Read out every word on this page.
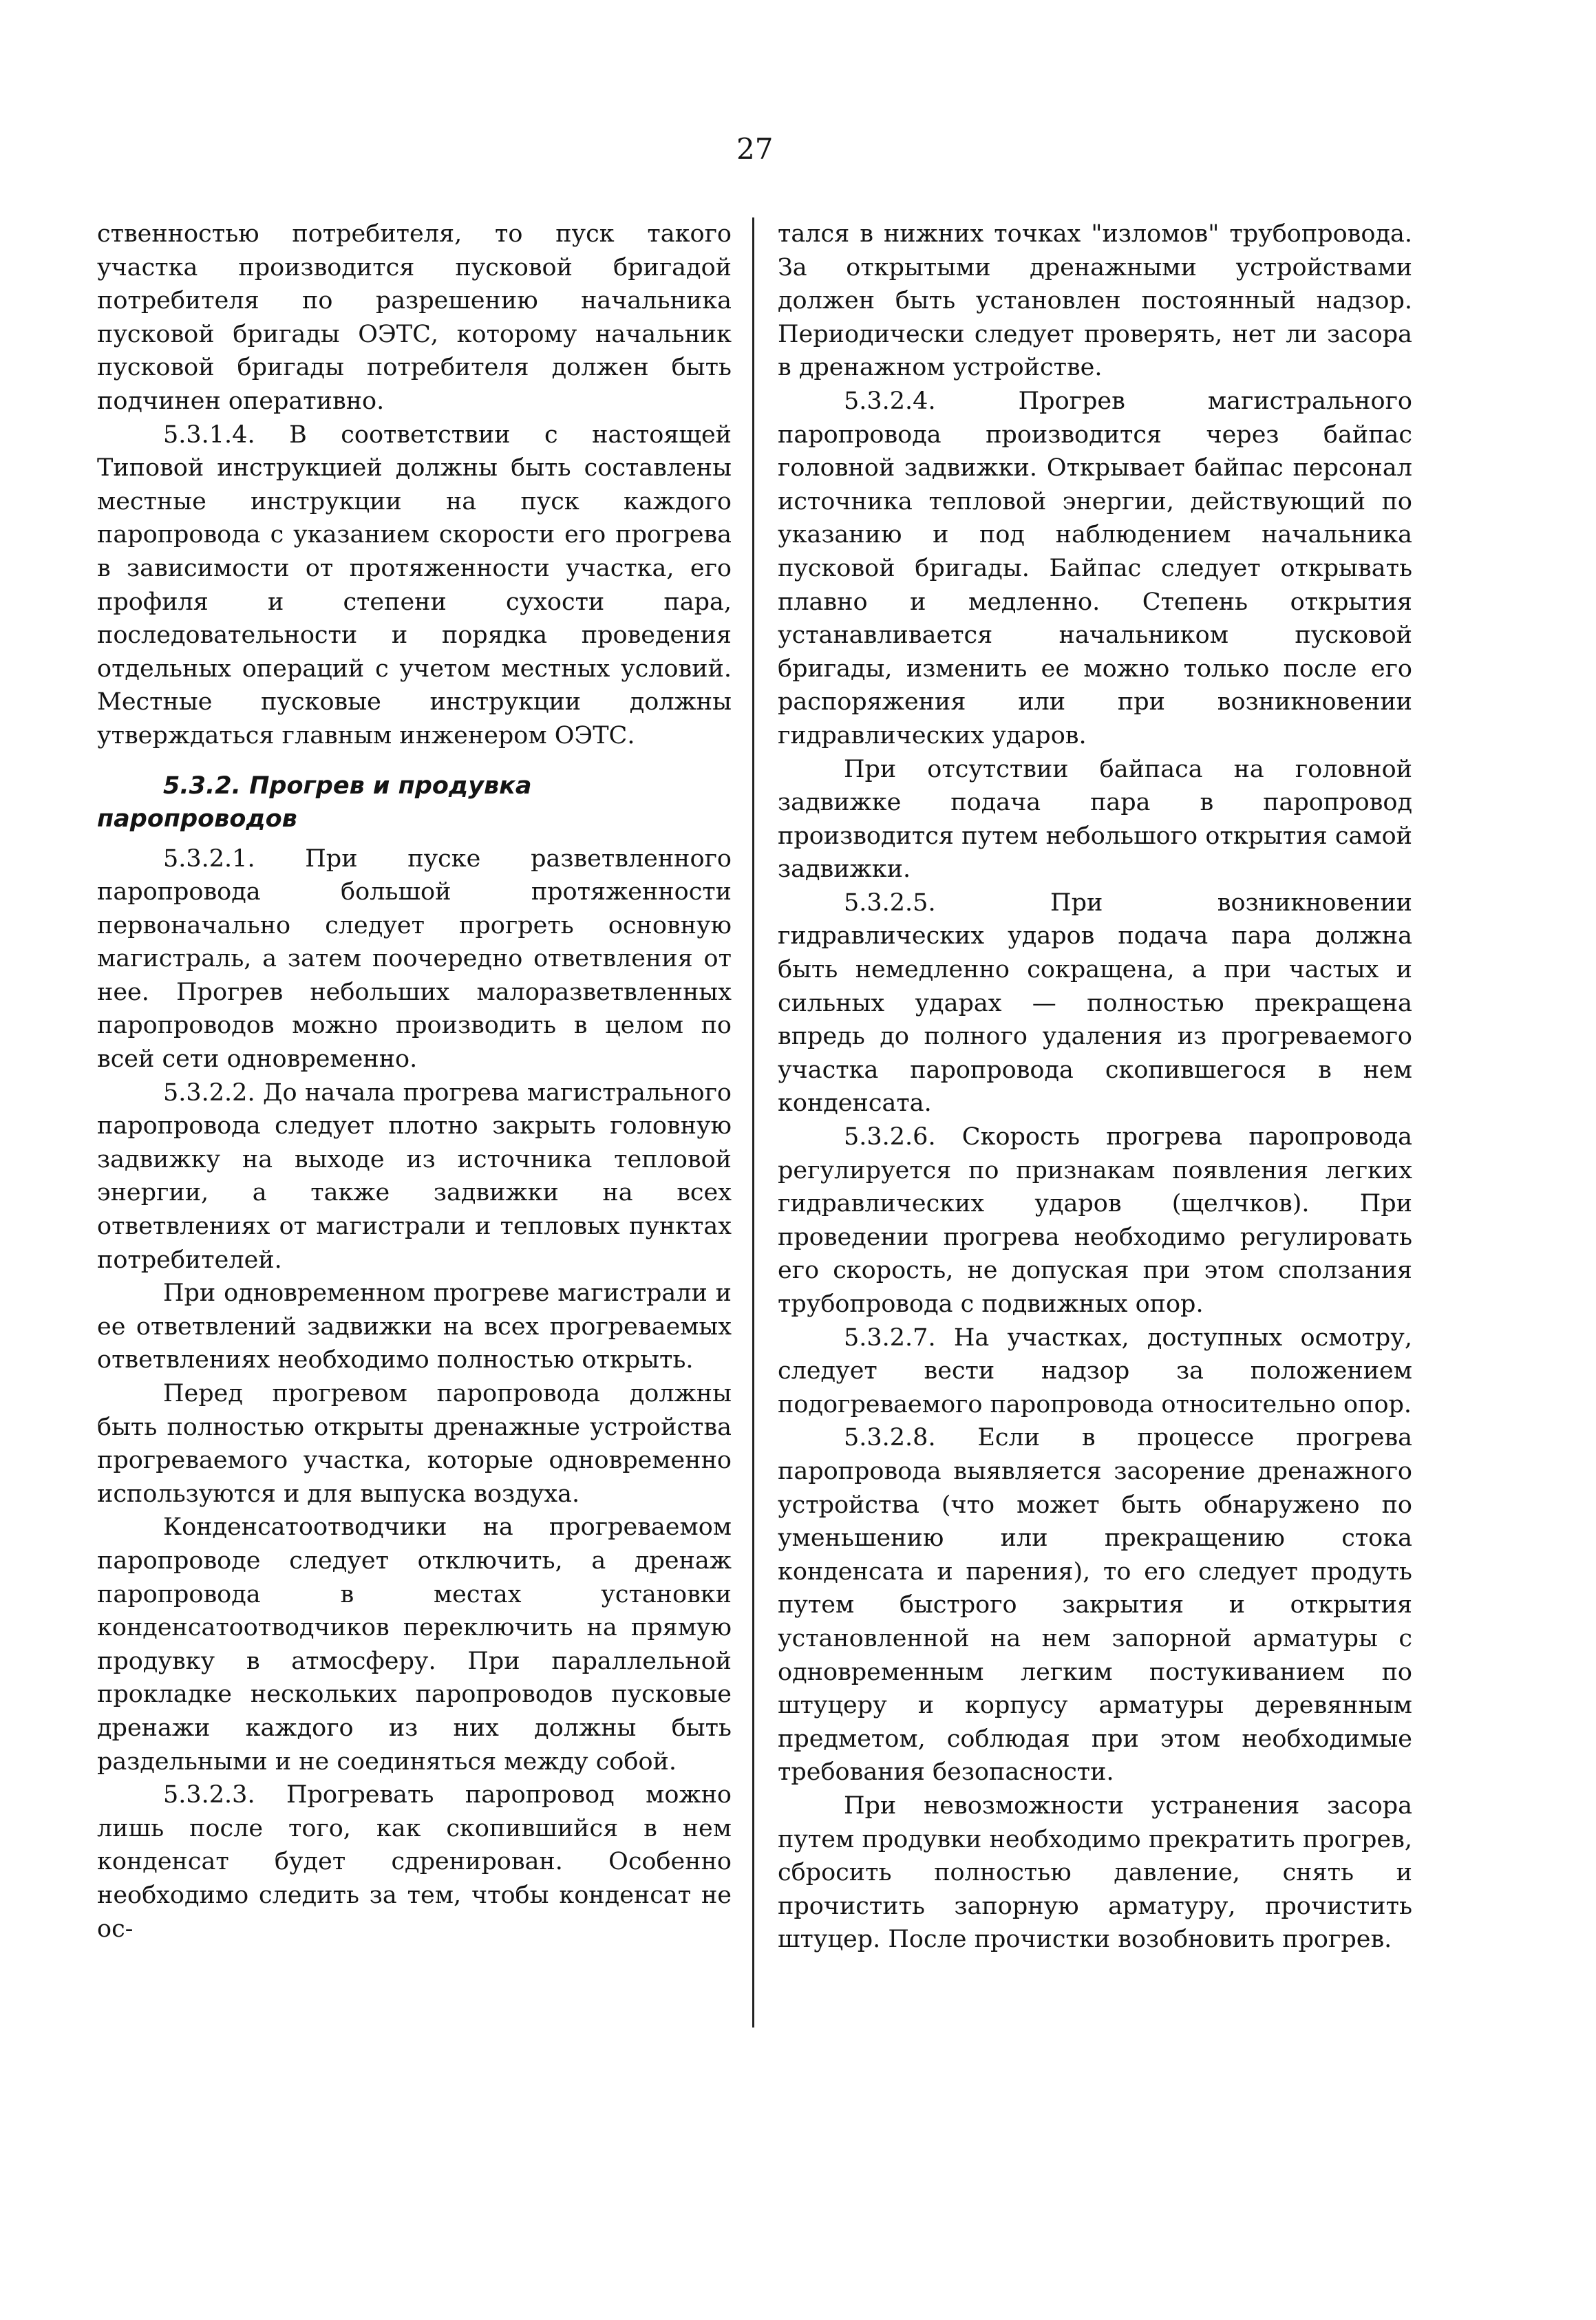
27

ственностью потребителя, то пуск такого участка производится пусковой бригадой потребителя по разрешению начальника пусковой бригады ОЭТС, которому начальник пусковой бригады потребителя должен быть подчинен оперативно.

5.3.1.4. В соответствии с настоящей Типовой инструкцией должны быть составлены местные инструкции на пуск каждого паропровода с указанием скорости его прогрева в зависимости от протяженности участка, его профиля и степени сухости пара, последовательности и порядка проведения отдельных операций с учетом местных условий. Местные пусковые инструкции должны утверждаться главным инженером ОЭТС.

5.3.2. Прогрев и продувка паропроводов

5.3.2.1. При пуске разветвленного паропровода большой протяженности первоначально следует прогреть основную магистраль, а затем поочередно ответвления от нее. Прогрев небольших малоразветвленных паропроводов можно производить в целом по всей сети одновременно.

5.3.2.2. До начала прогрева магистрального паропровода следует плотно закрыть головную задвижку на выходе из источника тепловой энергии, а также задвижки на всех ответвлениях от магистрали и тепловых пунктах потребителей.

При одновременном прогреве магистрали и ее ответвлений задвижки на всех прогреваемых ответвлениях необходимо полностью открыть.

Перед прогревом паропровода должны быть полностью открыты дренажные устройства прогреваемого участка, которые одновременно используются и для выпуска воздуха.

Конденсатоотводчики на прогреваемом паропроводе следует отключить, а дренаж паропровода в местах установки конденсатоотводчиков переключить на прямую продувку в атмосферу. При параллельной прокладке нескольких паропроводов пусковые дренажи каждого из них должны быть раздельными и не соединяться между собой.

5.3.2.3. Прогревать паропровод можно лишь после того, как скопившийся в нем конденсат будет сдренирован. Особенно необходимо следить за тем, чтобы конденсат не ос-

тался в нижних точках "изломов" трубопровода. За открытыми дренажными устройствами должен быть установлен постоянный надзор. Периодически следует проверять, нет ли засора в дренажном устройстве.

5.3.2.4. Прогрев магистрального паропровода производится через байпас головной задвижки. Открывает байпас персонал источника тепловой энергии, действующий по указанию и под наблюдением начальника пусковой бригады. Байпас следует открывать плавно и медленно. Степень открытия устанавливается начальником пусковой бригады, изменить ее можно только после его распоряжения или при возникновении гидравлических ударов.

При отсутствии байпаса на головной задвижке подача пара в паропровод производится путем небольшого открытия самой задвижки.

5.3.2.5. При возникновении гидравлических ударов подача пара должна быть немедленно сокращена, а при частых и сильных ударах — полностью прекращена впредь до полного удаления из прогреваемого участка паропровода скопившегося в нем конденсата.

5.3.2.6. Скорость прогрева паропровода регулируется по признакам появления легких гидравлических ударов (щелчков). При проведении прогрева необходимо регулировать его скорость, не допуская при этом сползания трубопровода с подвижных опор.

5.3.2.7. На участках, доступных осмотру, следует вести надзор за положением подогреваемого паропровода относительно опор.

5.3.2.8. Если в процессе прогрева паропровода выявляется засорение дренажного устройства (что может быть обнаружено по уменьшению или прекращению стока конденсата и парения), то его следует продуть путем быстрого закрытия и открытия установленной на нем запорной арматуры с одновременным легким постукиванием по штуцеру и корпусу арматуры деревянным предметом, соблюдая при этом необходимые требования безопасности.

При невозможности устранения засора путем продувки необходимо прекратить прогрев, сбросить полностью давление, снять и прочистить запорную арматуру, прочистить штуцер. После прочистки возобновить прогрев.
